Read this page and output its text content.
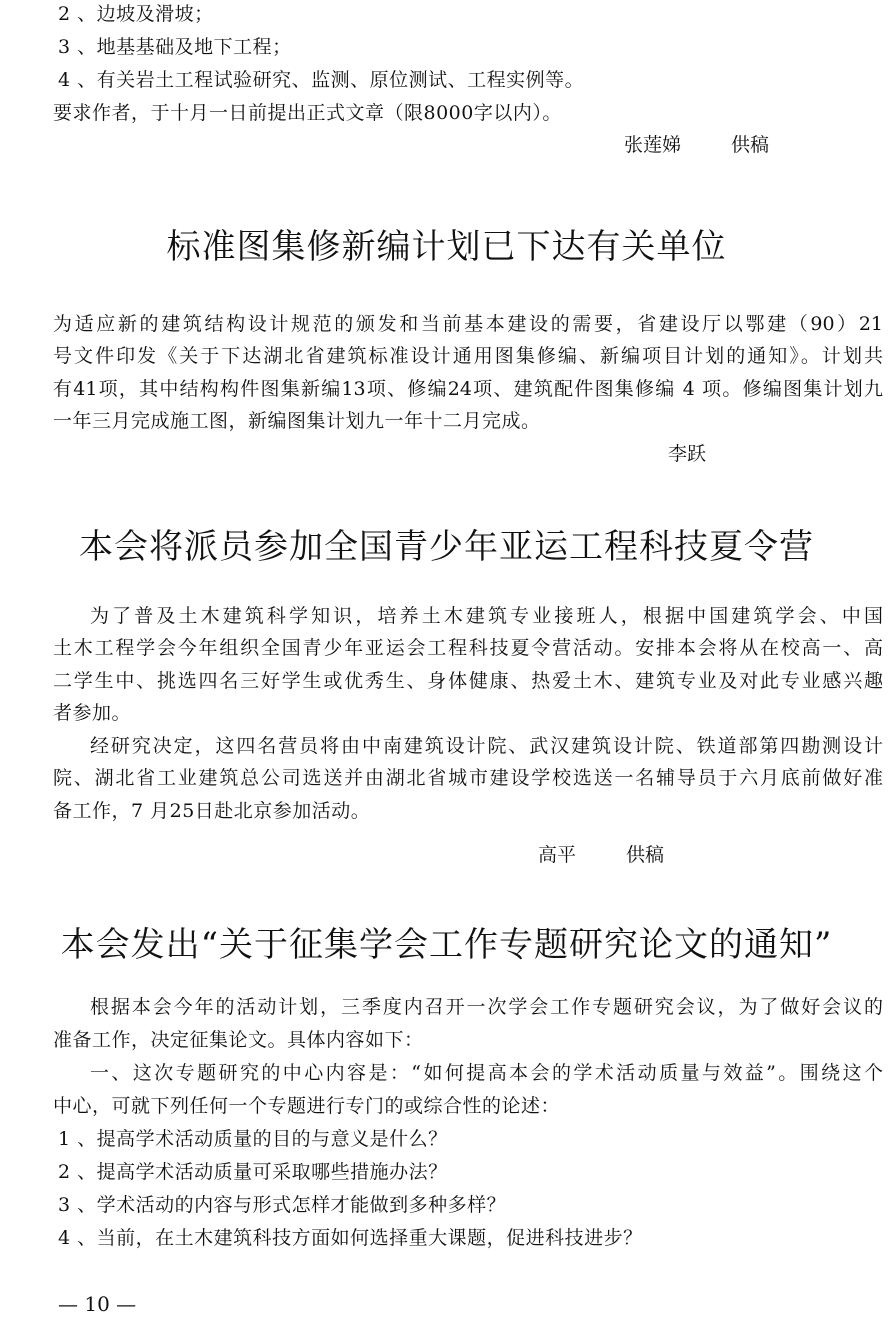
2 、边坡及滑坡；
3 、地基基础及地下工程；
4 、有关岩土工程试验研究、监测、原位测试、工程实例等。
要求作者，于十月一日前提出正式文章（限8000字以内）。
张莲娣	供稿
标准图集修新编计划已下达有关单位
为适应新的建筑结构设计规范的颁发和当前基本建设的需要，省建设厅以鄂建（90）21
号文件印发《关于下达湖北省建筑标准设计通用图集修编、新编项目计划的通知》。计划共
有41项，其中结构构件图集新编13项、修编24项、建筑配件图集修编 4 项。修编图集计划九
一年三月完成施工图，新编图集计划九一年十二月完成。
李跃
本会将派员参加全国青少年亚运工程科技夏令营
为了普及土木建筑科学知识，培养土木建筑专业接班人，根据中国建筑学会、中国
土木工程学会今年组织全国青少年亚运会工程科技夏令营活动。安排本会将从在校高一、高
二学生中、挑选四名三好学生或优秀生、身体健康、热爱土木、建筑专业及对此专业感兴趣
者参加。
经研究决定，这四名营员将由中南建筑设计院、武汉建筑设计院、铁道部第四勘测设计
院、湖北省工业建筑总公司选送并由湖北省城市建设学校选送一名辅导员于六月底前做好准
备工作，7 月25日赴北京参加活动。
高平	供稿
本会发出“关于征集学会工作专题研究论文的通知”
根据本会今年的活动计划，三季度内召开一次学会工作专题研究会议，为了做好会议的
准备工作，决定征集论文。具体内容如下：
一、这次专题研究的中心内容是：“如何提高本会的学术活动质量与效益”。围绕这个
中心，可就下列任何一个专题进行专门的或综合性的论述：
1 、提高学术活动质量的目的与意义是什么？
2 、提高学术活动质量可采取哪些措施办法？
3 、学术活动的内容与形式怎样才能做到多种多样？
4 、当前，在土木建筑科技方面如何选择重大课题，促进科技进步？
— 10 —
